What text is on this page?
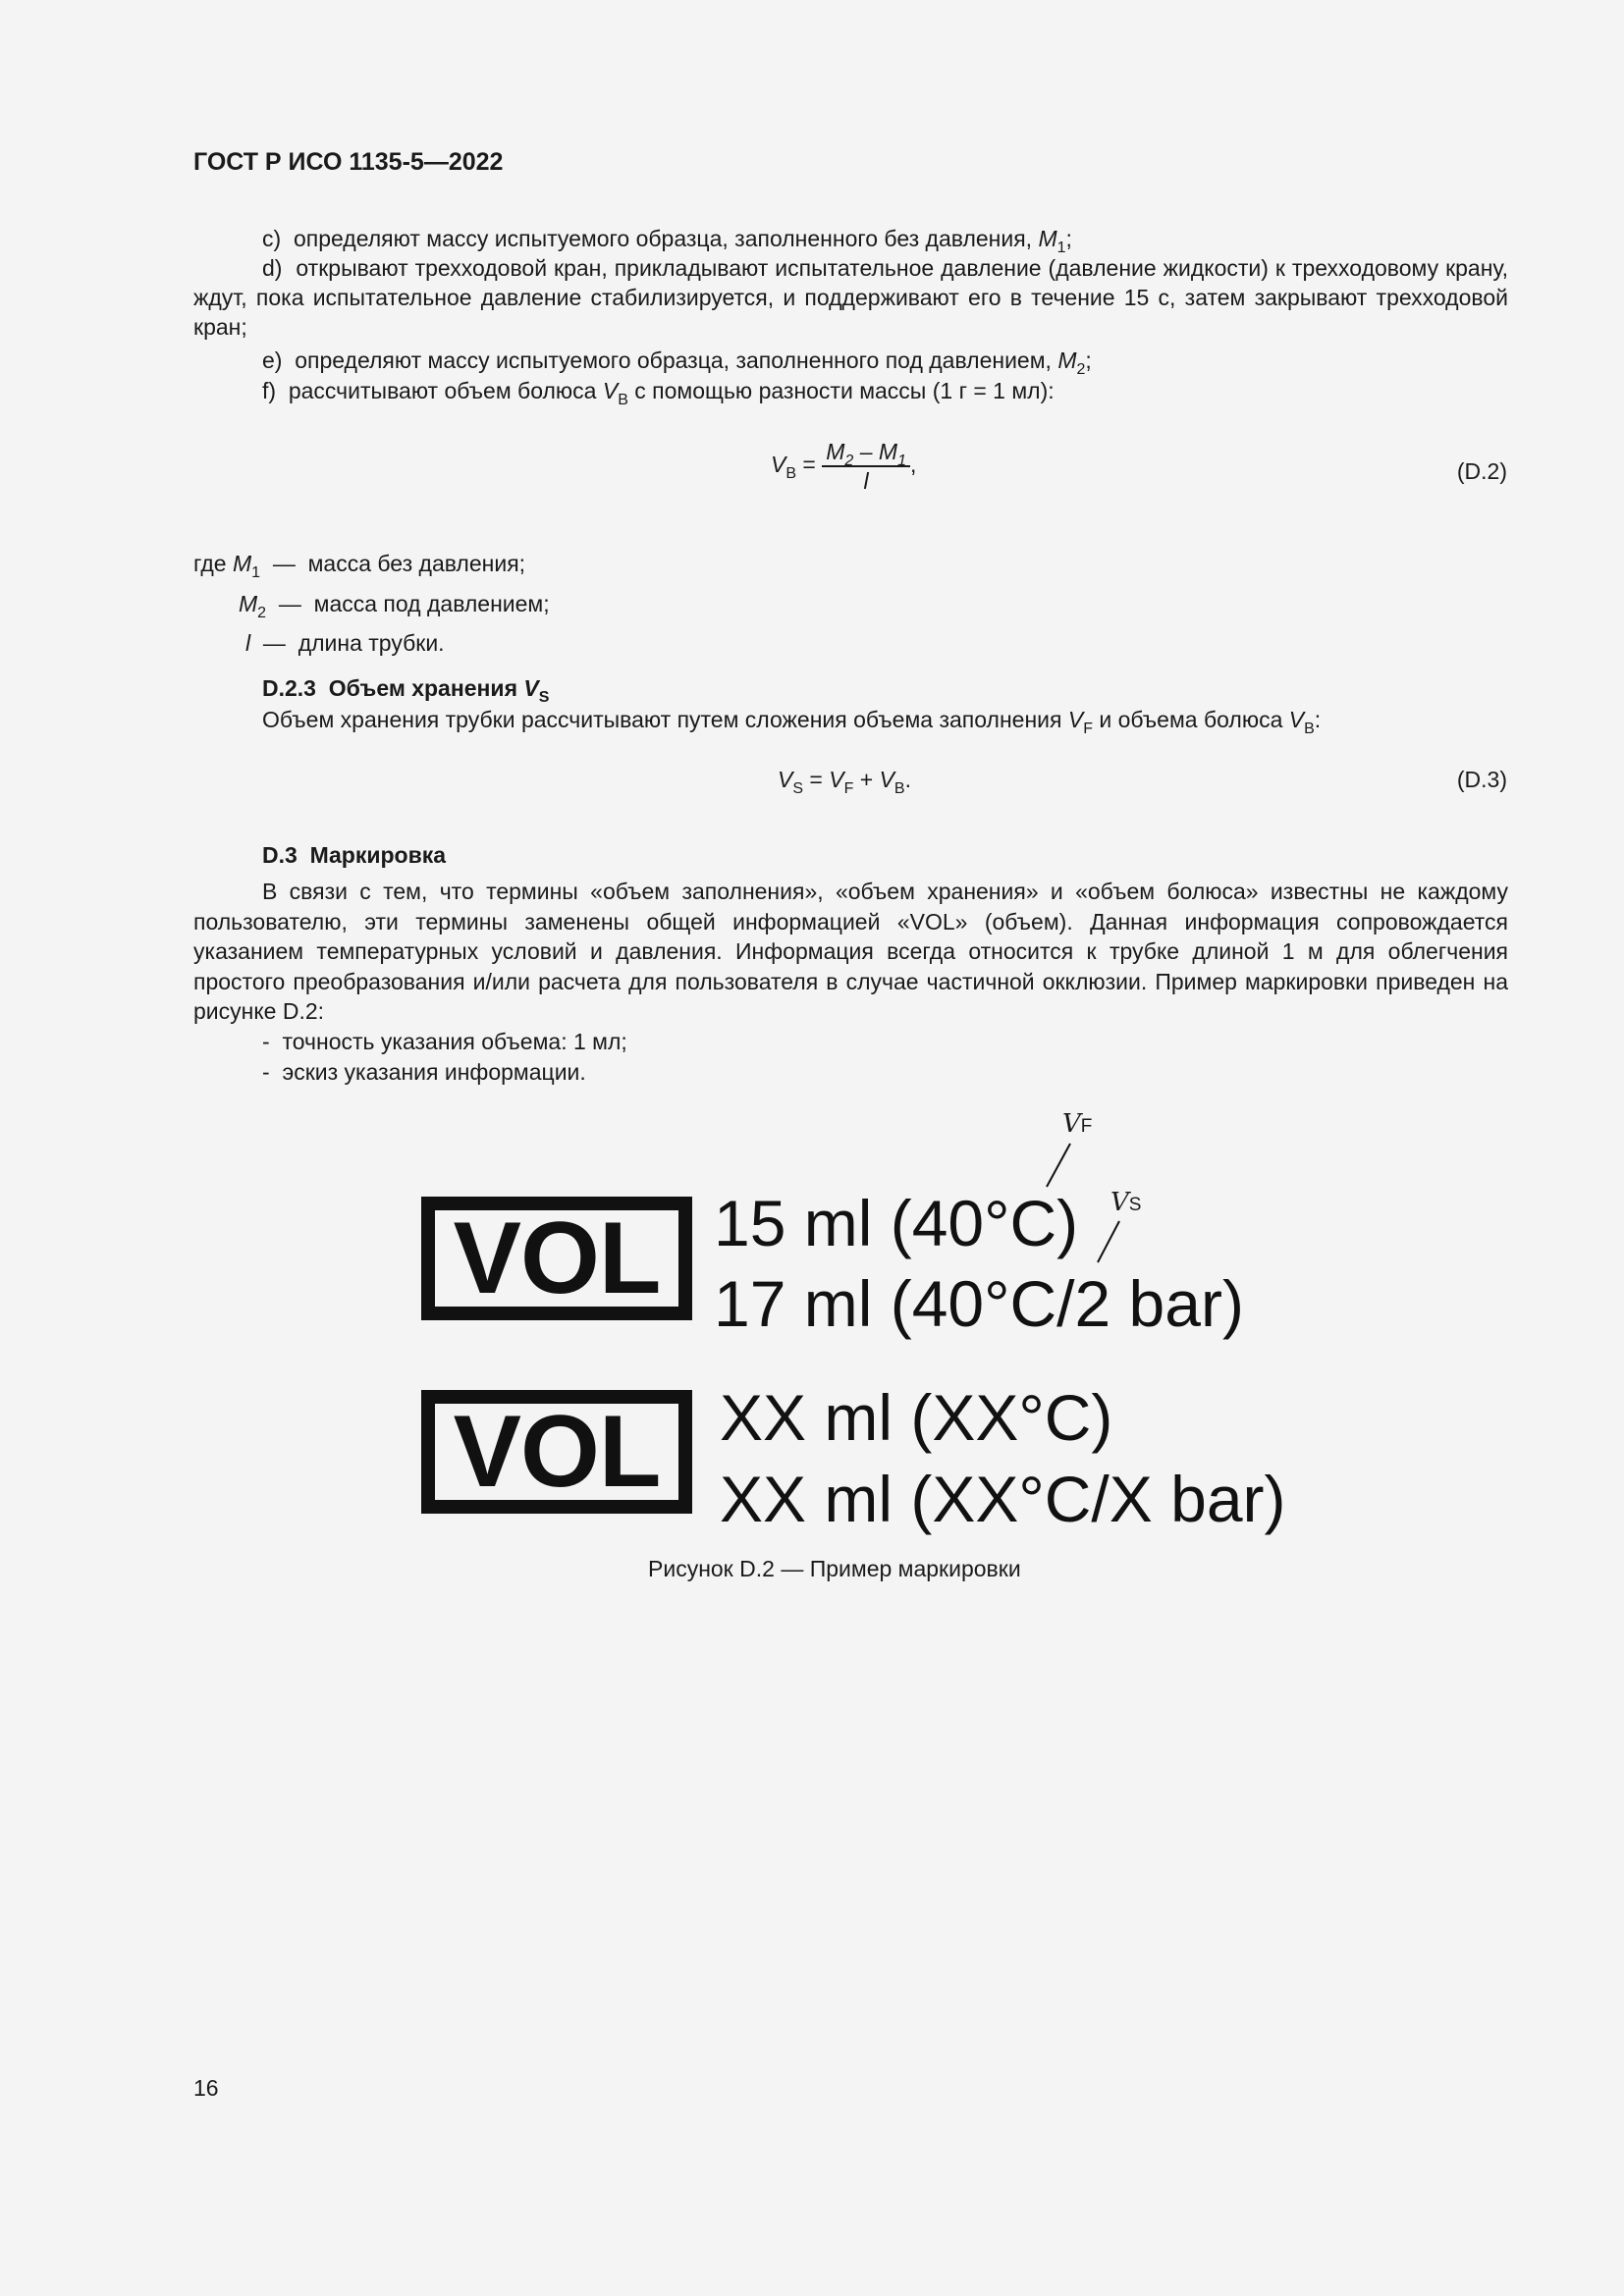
ГОСТ Р ИСО 1135-5—2022
c) определяют массу испытуемого образца, заполненного без давления, $M_1$;
d) открывают трехходовой кран, прикладывают испытательное давление (давление жидкости) к трехходовому крану, ждут, пока испытательное давление стабилизируется, и поддерживают его в течение 15 с, затем закрывают трехходовой кран;
e) определяют массу испытуемого образца, заполненного под давлением, $M_2$;
f) рассчитывают объем болюса $V_B$ с помощью разности массы (1 г = 1 мл):
$V_B = \frac{M_2 - M_1}{l}$ ,	(D.2)
где $M_1$ — масса без давления;
$M_2$ — масса под давлением;
l — длина трубки.
D.2.3 Объем хранения $V_S$
Объем хранения трубки рассчитывают путем сложения объема заполнения $V_F$ и объема болюса $V_B$:
$V_S = V_F + V_B$.	(D.3)
D.3 Маркировка
В связи с тем, что термины «объем заполнения», «объем хранения» и «объем болюса» известны не каждому пользователю, эти термины заменены общей информацией «VOL» (объем). Данная информация сопровождается указанием температурных условий и давления. Информация всегда относится к трубке длиной 1 м для облегчения простого преобразования и/или расчета для пользователя в случае частичной окклюзии. Пример маркировки приведен на рисунке D.2:
- точность указания объема: 1 мл;
- эскиз указания информации.
VOL 15 ml (40°C)
17 ml (40°C/2 bar)
VOL XX ml (XX°C)
XX ml (XX°C/X bar)
VF
VS
Рисунок D.2 — Пример маркировки
16
